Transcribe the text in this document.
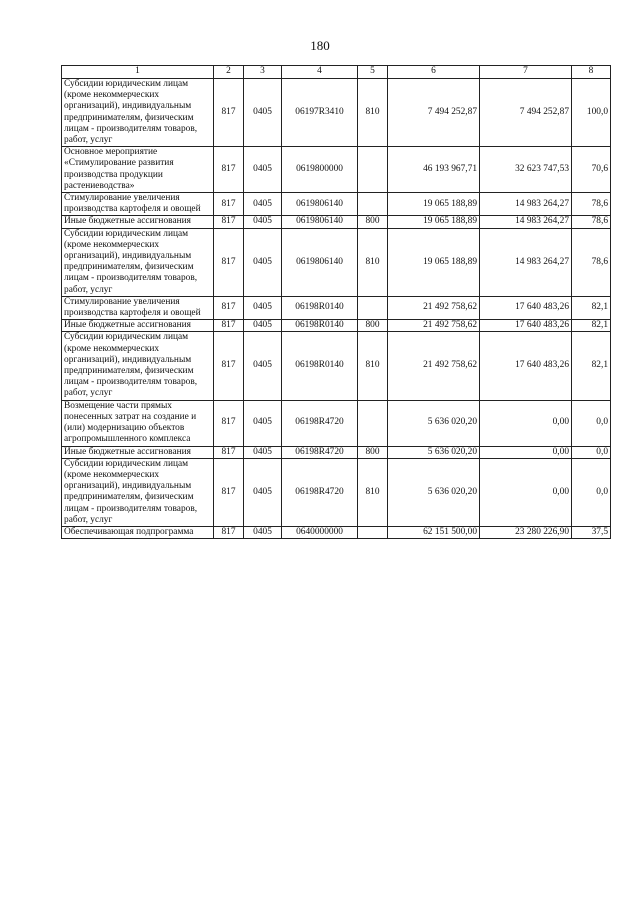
180
1	2	3	4	5	6	7	8
Субсидии юридическим лицам (кроме некоммерческих организаций), индивидуальным предпринимателям, физическим лицам - производителям товаров, работ, услуг	817	0405	06197R3410	810	7 494 252,87	7 494 252,87	100,0
Основное мероприятие «Стимулирование развития производства продукции растениеводства»	817	0405	0619800000		46 193 967,71	32 623 747,53	70,6
Стимулирование увеличения производства картофеля и овощей	817	0405	0619806140		19 065 188,89	14 983 264,27	78,6
Иные бюджетные ассигнования	817	0405	0619806140	800	19 065 188,89	14 983 264,27	78,6
Субсидии юридическим лицам (кроме некоммерческих организаций), индивидуальным предпринимателям, физическим лицам - производителям товаров, работ, услуг	817	0405	0619806140	810	19 065 188,89	14 983 264,27	78,6
Стимулирование увеличения производства картофеля и овощей	817	0405	06198R0140		21 492 758,62	17 640 483,26	82,1
Иные бюджетные ассигнования	817	0405	06198R0140	800	21 492 758,62	17 640 483,26	82,1
Субсидии юридическим лицам (кроме некоммерческих организаций), индивидуальным предпринимателям, физическим лицам - производителям товаров, работ, услуг	817	0405	06198R0140	810	21 492 758,62	17 640 483,26	82,1
Возмещение части прямых понесенных затрат на создание и (или) модернизацию объектов агропромышленного комплекса	817	0405	06198R4720		5 636 020,20	0,00	0,0
Иные бюджетные ассигнования	817	0405	06198R4720	800	5 636 020,20	0,00	0,0
Субсидии юридическим лицам (кроме некоммерческих организаций), индивидуальным предпринимателям, физическим лицам - производителям товаров, работ, услуг	817	0405	06198R4720	810	5 636 020,20	0,00	0,0
Обеспечивающая подпрограмма	817	0405	0640000000		62 151 500,00	23 280 226,90	37,5
